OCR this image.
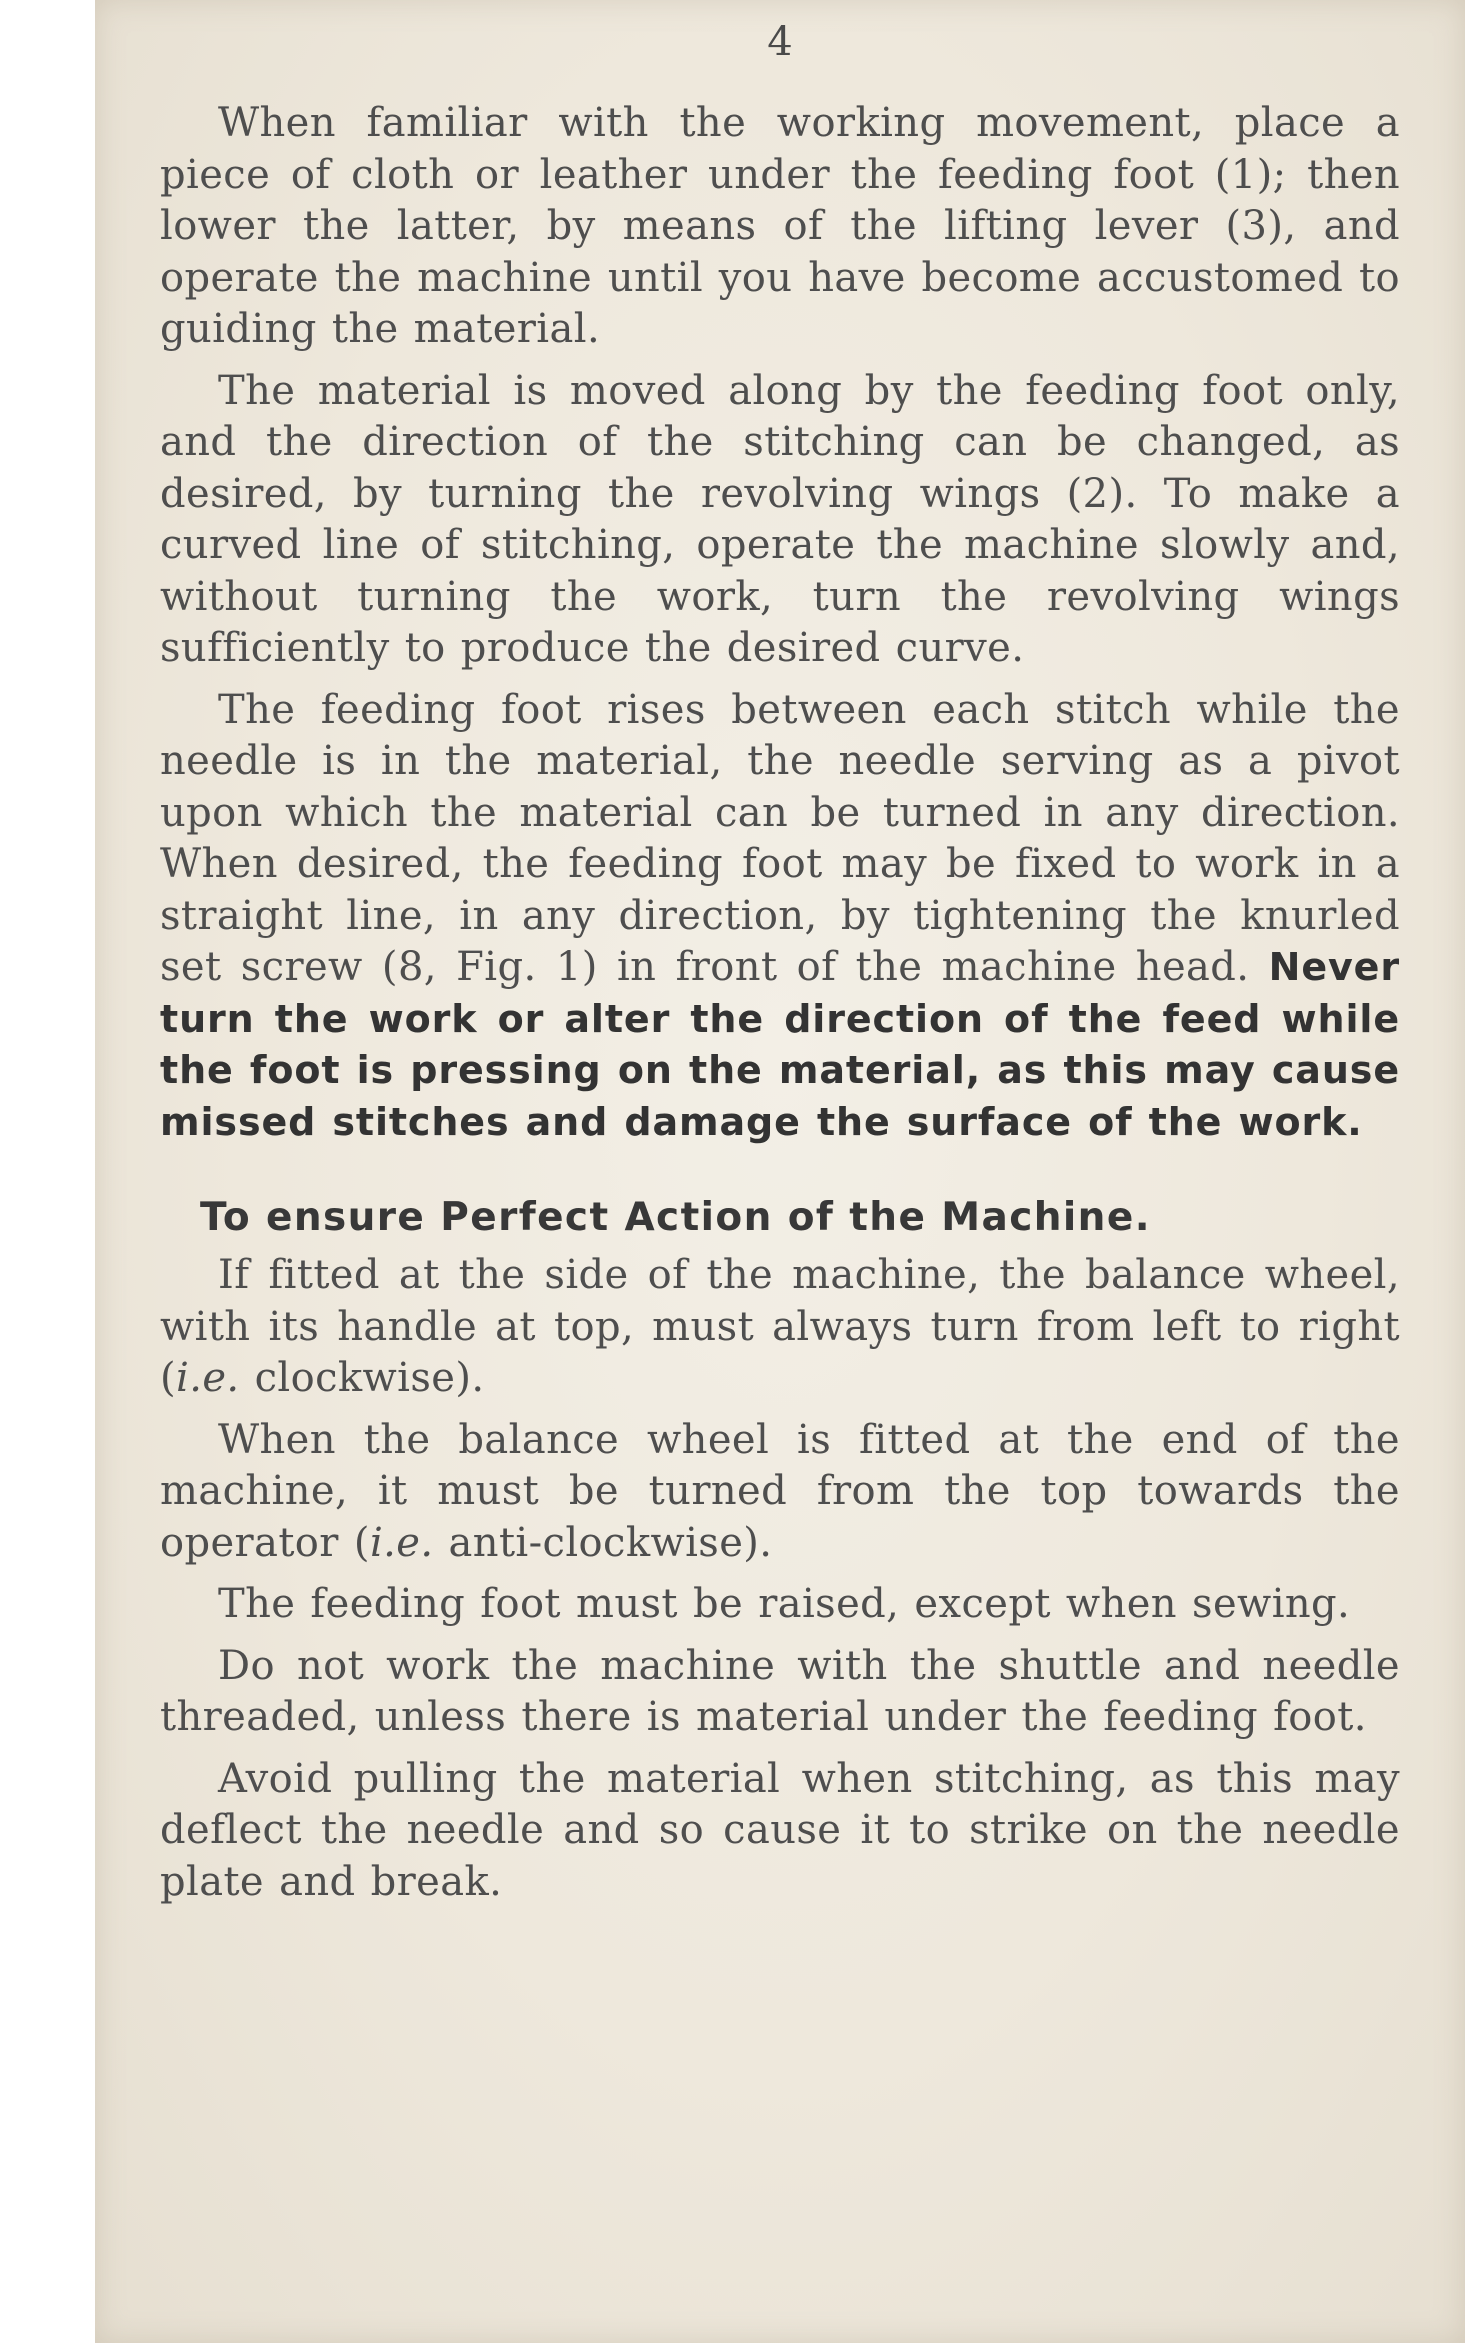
4

When familiar with the working movement, place a piece of cloth or leather under the feeding foot (1); then lower the latter, by means of the lifting lever (3), and operate the machine until you have become accustomed to guiding the material.

The material is moved along by the feeding foot only, and the direction of the stitching can be changed, as desired, by turning the revolving wings (2). To make a curved line of stitching, operate the machine slowly and, without turning the work, turn the revolving wings sufficiently to produce the desired curve.

The feeding foot rises between each stitch while the needle is in the material, the needle serving as a pivot upon which the material can be turned in any direction. When desired, the feeding foot may be fixed to work in a straight line, in any direction, by tightening the knurled set screw (8, Fig. 1) in front of the machine head. Never turn the work or alter the direction of the feed while the foot is pressing on the material, as this may cause missed stitches and damage the surface of the work.

To ensure Perfect Action of the Machine.

If fitted at the side of the machine, the balance wheel, with its handle at top, must always turn from left to right (i.e. clockwise).

When the balance wheel is fitted at the end of the machine, it must be turned from the top towards the operator (i.e. anti-clockwise).

The feeding foot must be raised, except when sewing.

Do not work the machine with the shuttle and needle threaded, unless there is material under the feeding foot.

Avoid pulling the material when stitching, as this may deflect the needle and so cause it to strike on the needle plate and break.
